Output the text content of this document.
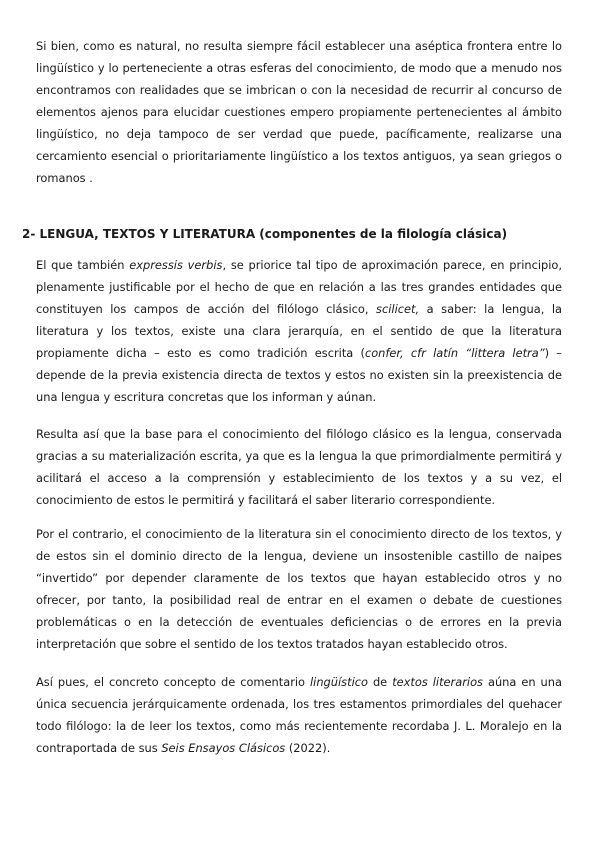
Si bien, como es natural, no resulta siempre fácil establecer una aséptica frontera entre lo lingüístico y lo perteneciente a otras esferas del conocimiento, de modo que a menudo nos encontramos con realidades que se imbrican o con la necesidad de recurrir al concurso de elementos ajenos para elucidar cuestiones empero propiamente pertenecientes al ámbito lingüístico, no deja tampoco de ser verdad que puede, pacíficamente, realizarse una cercamiento esencial o prioritariamente lingüístico a los textos antiguos, ya sean griegos o romanos .

2- LENGUA, TEXTOS Y LITERATURA (componentes de la filología clásica)

El que también expressis verbis, se priorice tal tipo de aproximación parece, en principio, plenamente justificable por el hecho de que en relación a las tres grandes entidades que constituyen los campos de acción del filólogo clásico, scilicet, a saber: la lengua, la literatura y los textos, existe una clara jerarquía, en el sentido de que la literatura propiamente dicha – esto es como tradición escrita (confer, cfr latín “littera letra”) – depende de la previa existencia directa de textos y estos no existen sin la preexistencia de una lengua y escritura concretas que los informan y aúnan.

Resulta así que la base para el conocimiento del filólogo clásico es la lengua, conservada gracias a su materialización escrita, ya que es la lengua la que primordialmente permitirá y acilitará el acceso a la comprensión y establecimiento de los textos y a su vez, el conocimiento de estos le permitirá y facilitará el saber literario correspondiente.

Por el contrario, el conocimiento de la literatura sin el conocimiento directo de los textos, y de estos sin el dominio directo de la lengua, deviene un insostenible castillo de naipes “invertido” por depender claramente de los textos que hayan establecido otros y no ofrecer, por tanto, la posibilidad real de entrar en el examen o debate de cuestiones problemáticas o en la detección de eventuales deficiencias o de errores en la previa interpretación que sobre el sentido de los textos tratados hayan establecido otros.

Así pues, el concreto concepto de comentario lingüístico de textos literarios aúna en una única secuencia jerárquicamente ordenada, los tres estamentos primordiales del quehacer todo filólogo: la de leer los textos, como más recientemente recordaba J. L. Moralejo en la contraportada de sus Seis Ensayos Clásicos (2022).
